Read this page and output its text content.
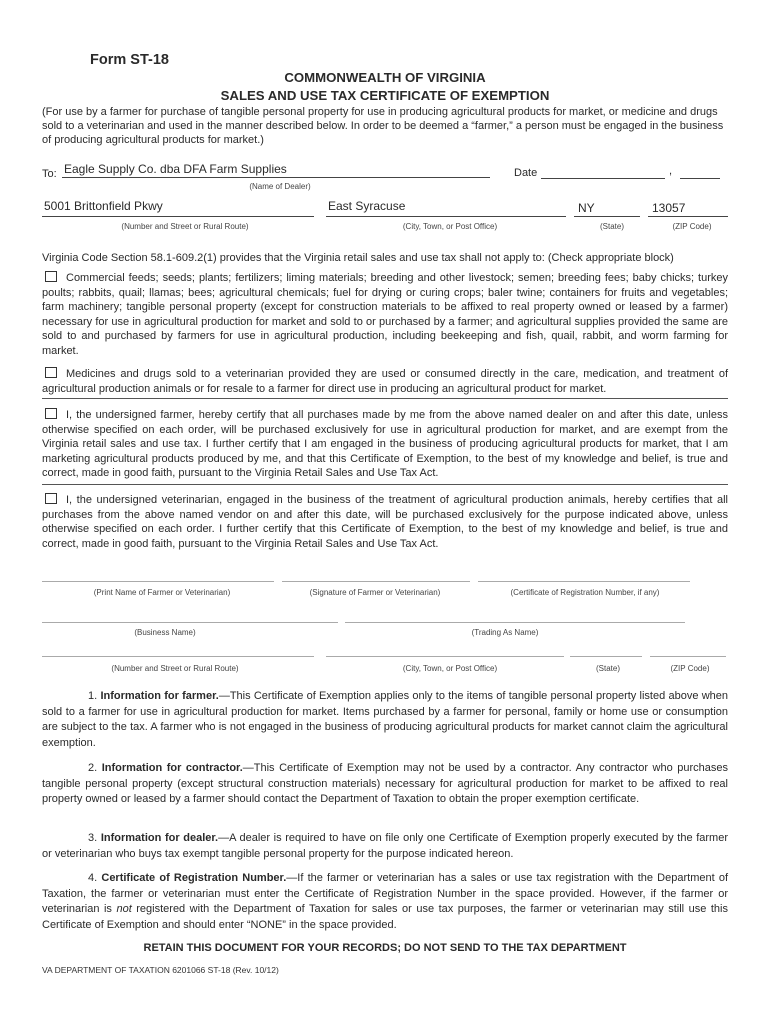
Form ST-18
COMMONWEALTH OF VIRGINIA
SALES AND USE TAX CERTIFICATE OF EXEMPTION
(For use by a farmer for purchase of tangible personal property for use in producing agricultural products for market, or medicine and drugs sold to a veterinarian and used in the manner described below. In order to be deemed a “farmer,” a person must be engaged in the business of producing agricultural products for market.)
To: Eagle Supply Co. dba DFA Farm Supplies
(Name of Dealer)
Date	,
5001 Brittonfield Pkwy	East Syracuse	NY	13057
(Number and Street or Rural Route)	(City, Town, or Post Office)	(State)	(ZIP Code)
Virginia Code Section 58.1-609.2(1) provides that the Virginia retail sales and use tax shall not apply to: (Check appropriate block)
Commercial feeds; seeds; plants; fertilizers; liming materials; breeding and other livestock; semen; breeding fees; baby chicks; turkey poults; rabbits, quail; llamas; bees; agricultural chemicals; fuel for drying or curing crops; baler twine; containers for fruits and vegetables; farm machinery; tangible personal property (except for construction materials to be affixed to real property owned or leased by a farmer) necessary for use in agricultural production for market and sold to or purchased by a farmer; and agricultural supplies provided the same are sold to and purchased by farmers for use in agricultural production, including beekeeping and fish, quail, rabbit, and worm farming for market.
Medicines and drugs sold to a veterinarian provided they are used or consumed directly in the care, medication, and treatment of agricultural production animals or for resale to a farmer for direct use in producing an agricultural product for market.
I, the undersigned farmer, hereby certify that all purchases made by me from the above named dealer on and after this date, unless otherwise specified on each order, will be purchased exclusively for use in agricultural production for market, and are exempt from the Virginia retail sales and use tax. I further certify that I am engaged in the business of producing agricultural products for market, that I am marketing agricultural products produced by me, and that this Certificate of Exemption, to the best of my knowledge and belief, is true and correct, made in good faith, pursuant to the Virginia Retail Sales and Use Tax Act.
I, the undersigned veterinarian, engaged in the business of the treatment of agricultural production animals, hereby certifies that all purchases from the above named vendor on and after this date, will be purchased exclusively for the purpose indicated above, unless otherwise specified on each order. I further certify that this Certificate of Exemption, to the best of my knowledge and belief, is true and correct, made in good faith, pursuant to the Virginia Retail Sales and Use Tax Act.
(Print Name of Farmer or Veterinarian)	(Signature of Farmer or Veterinarian)	(Certificate of Registration Number, if any)
(Business Name)	(Trading As Name)
(Number and Street or Rural Route)	(City, Town, or Post Office)	(State)	(ZIP Code)
1. Information for farmer.—This Certificate of Exemption applies only to the items of tangible personal property listed above when sold to a farmer for use in agricultural production for market. Items purchased by a farmer for personal, family or home use or consumption are subject to the tax. A farmer who is not engaged in the business of producing agricultural products for market cannot claim the agricultural exemption.
2. Information for contractor.—This Certificate of Exemption may not be used by a contractor. Any contractor who purchases tangible personal property (except structural construction materials) necessary for agricultural production for market to be affixed to real property owned or leased by a farmer should contact the Department of Taxation to obtain the proper exemption certificate.
3. Information for dealer.—A dealer is required to have on file only one Certificate of Exemption properly executed by the farmer or veterinarian who buys tax exempt tangible personal property for the purpose indicated hereon.
4. Certificate of Registration Number.—If the farmer or veterinarian has a sales or use tax registration with the Department of Taxation, the farmer or veterinarian must enter the Certificate of Registration Number in the space provided. However, if the farmer or veterinarian is not registered with the Department of Taxation for sales or use tax purposes, the farmer or veterinarian may still use this Certificate of Exemption and should enter “NONE” in the space provided.
RETAIN THIS DOCUMENT FOR YOUR RECORDS; DO NOT SEND TO THE TAX DEPARTMENT
VA DEPARTMENT OF TAXATION 6201066 ST-18 (Rev. 10/12)
